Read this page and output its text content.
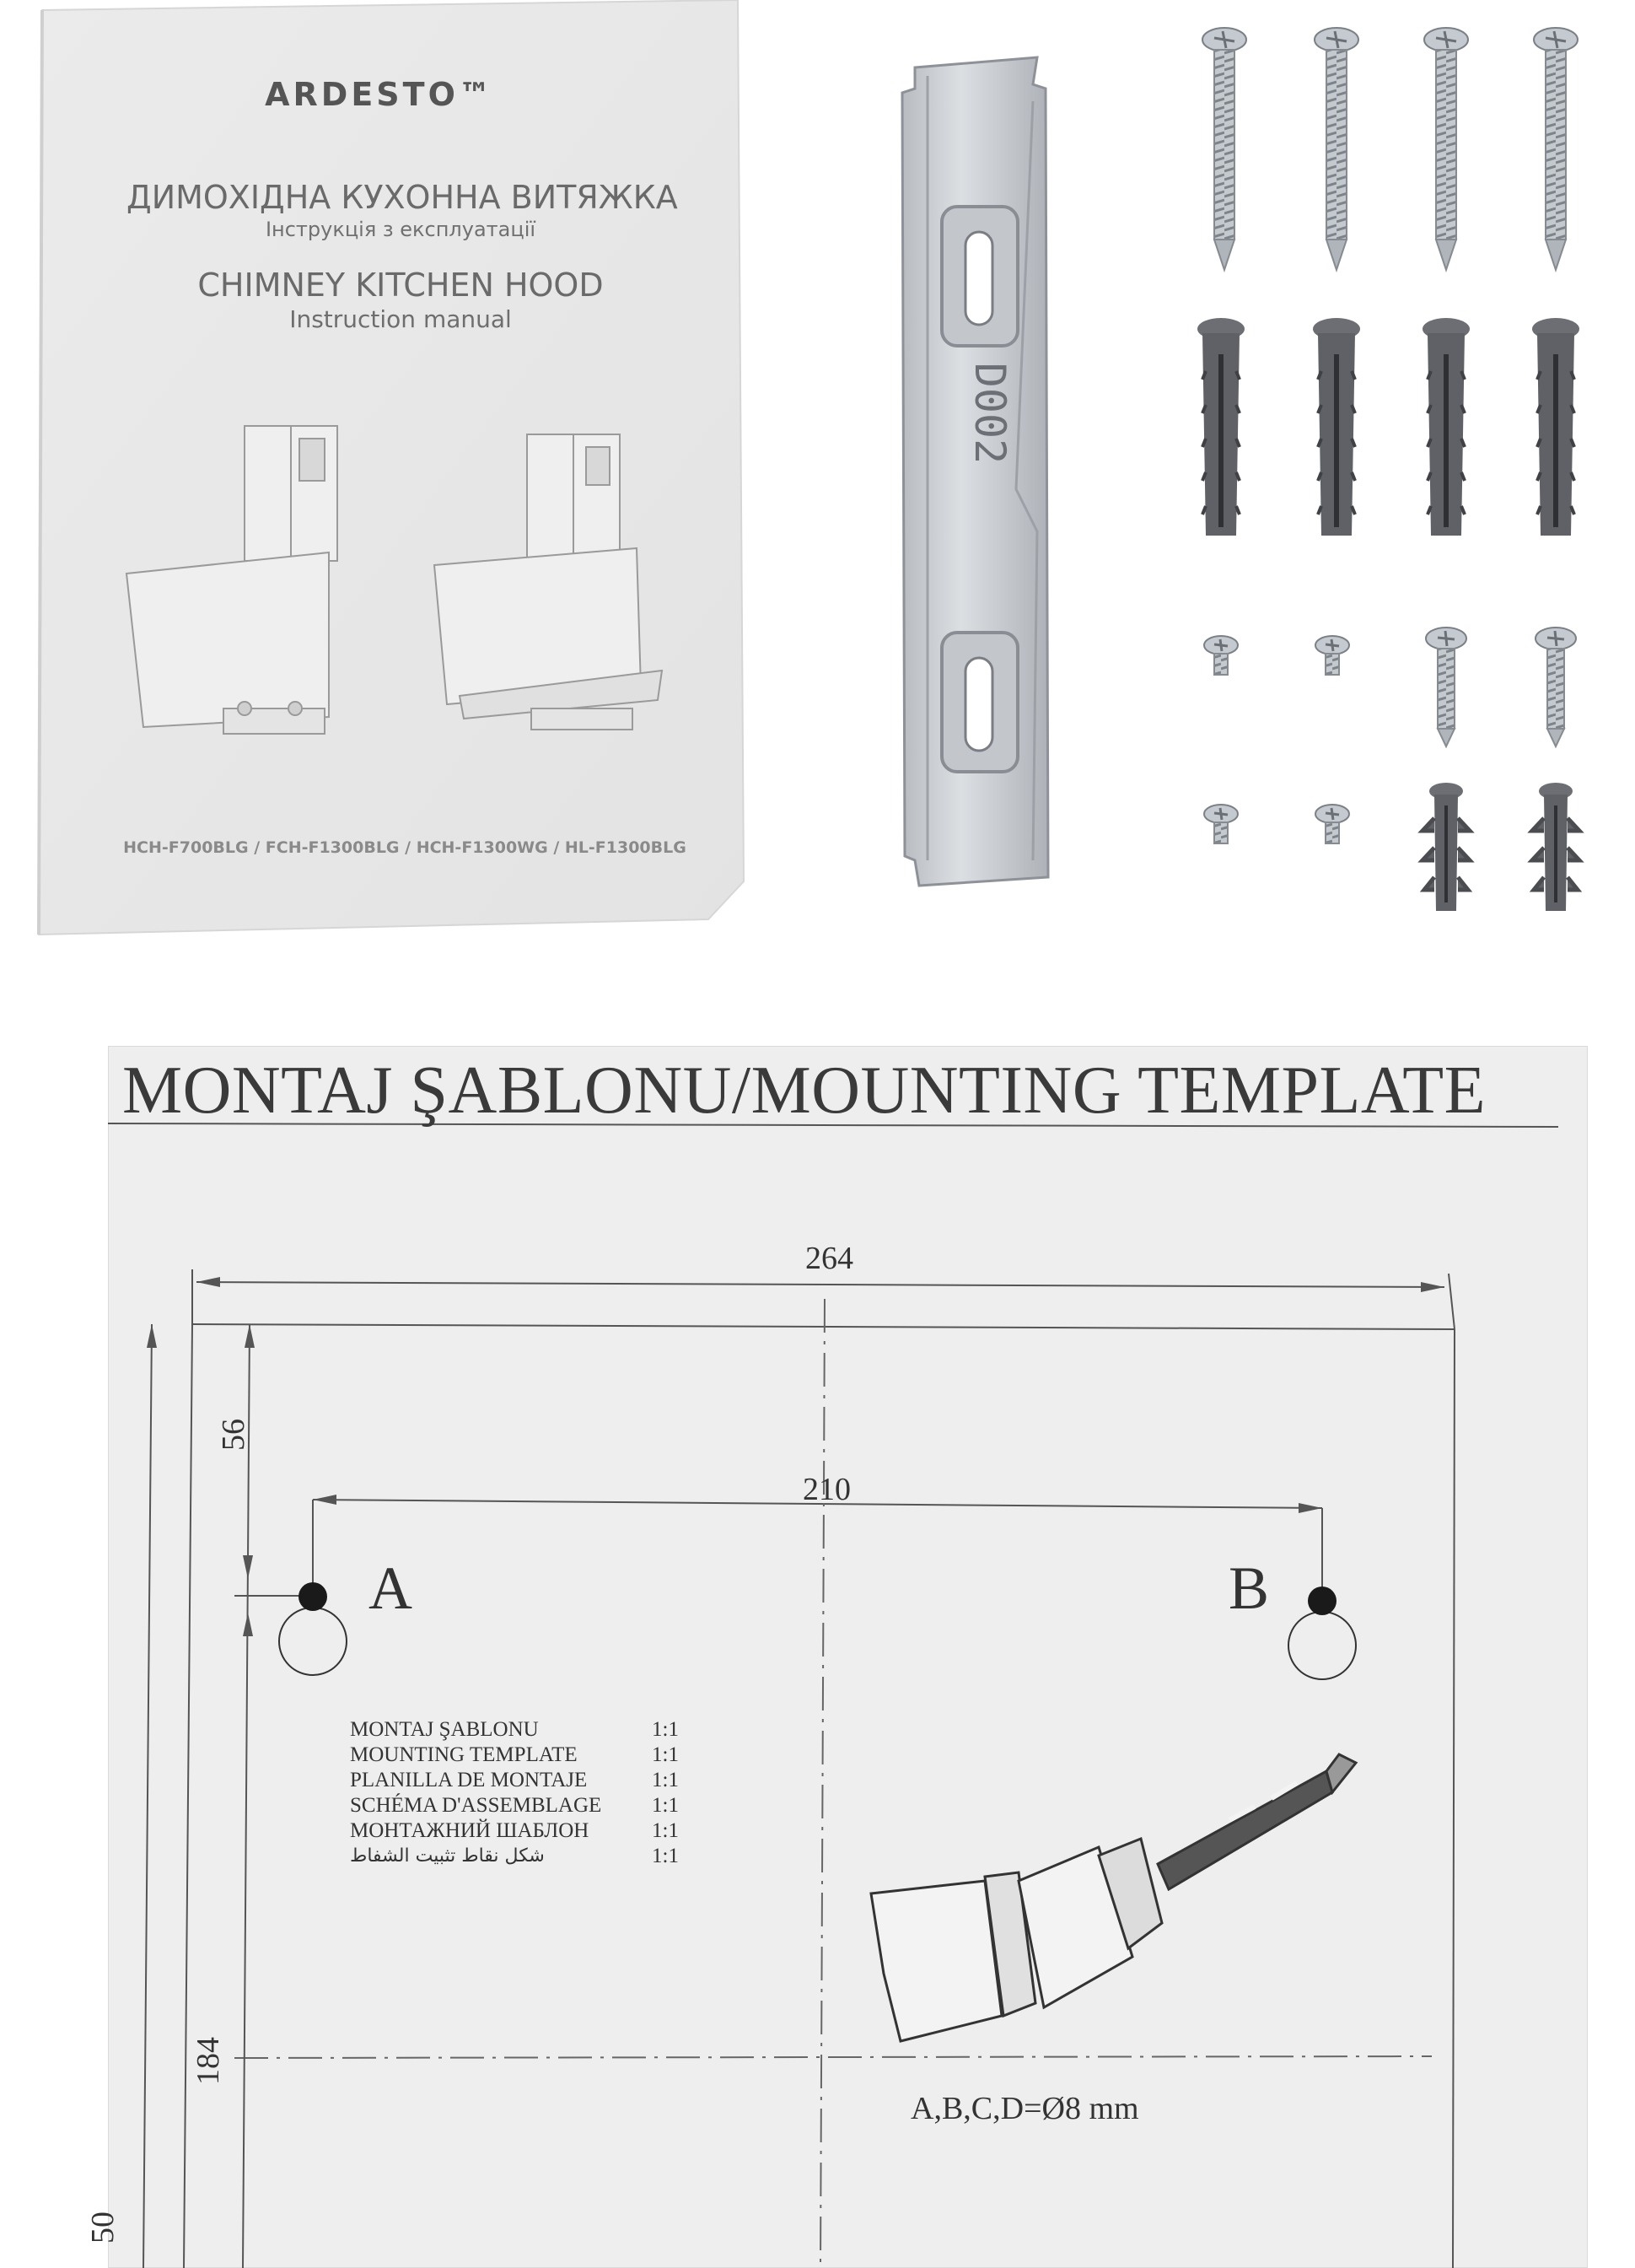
ARDESTO™
ДИМОХІДНА КУХОННА ВИТЯЖКА
Інструкція з експлуатації
CHIMNEY KITCHEN HOOD
Instruction manual
HCH-F700BLG / FCH-F1300BLG / HCH-F1300WG / HL-F1300BLG
D002
MONTAJ ŞABLONU/MOUNTING TEMPLATE
264
210
56
184
50
A	B
MONTAJ ŞABLONU	1:1
MOUNTING TEMPLATE	1:1
PLANILLA DE MONTAJE	1:1
SCHÉMA D'ASSEMBLAGE 1:1
МОНТАЖНИЙ ШАБЛОН	1:1
شكل نقاط تثبيت الشفاط	1:1
A,B,C,D=Ø8 mm
